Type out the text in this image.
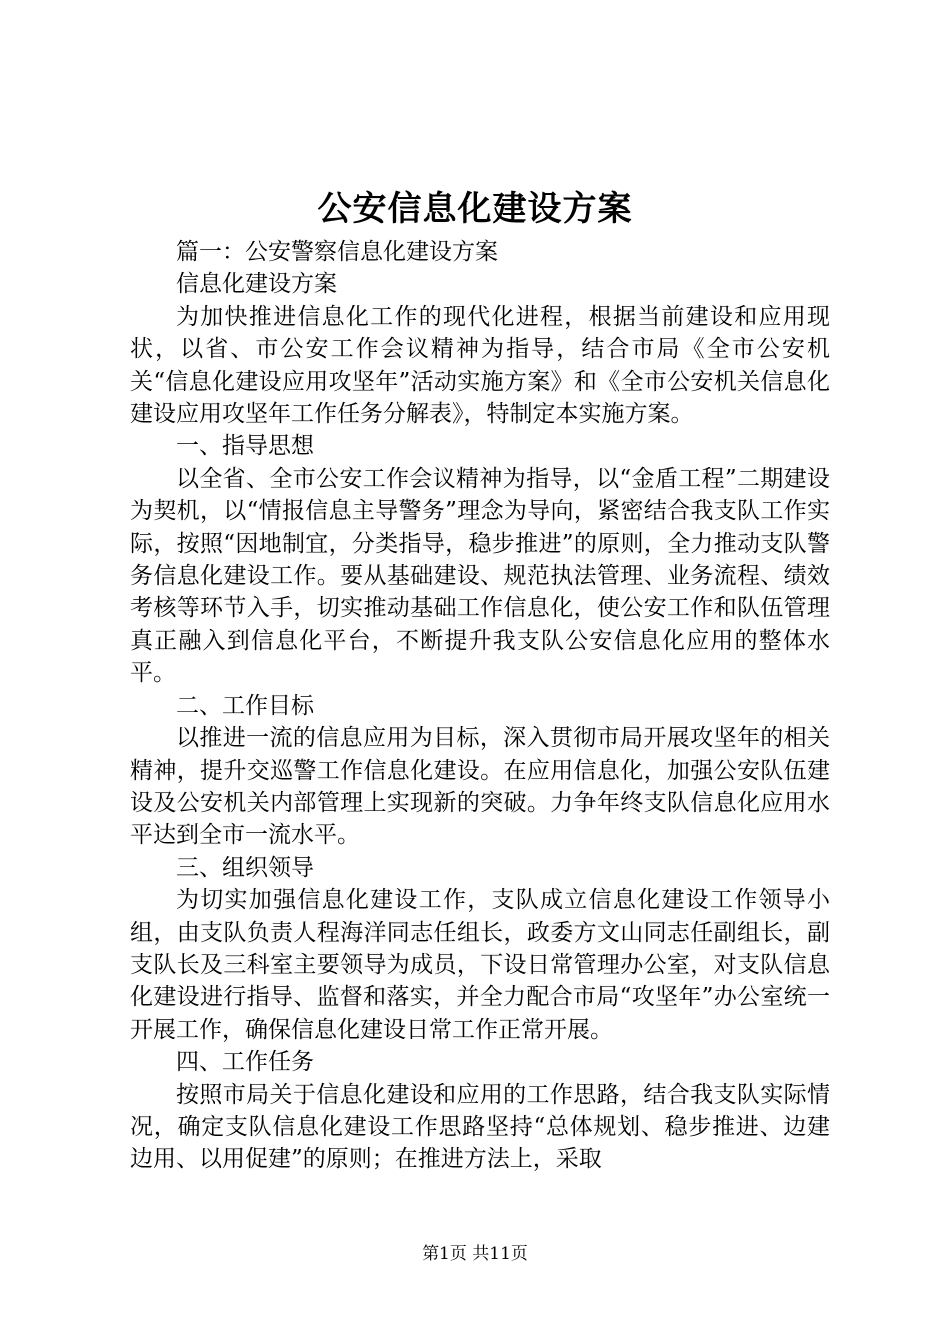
公安信息化建设方案

篇一：公安警察信息化建设方案

信息化建设方案

为加快推进信息化工作的现代化进程，根据当前建设和应用现状，以省、市公安工作会议精神为指导，结合市局《全市公安机关“信息化建设应用攻坚年”活动实施方案》和《全市公安机关信息化建设应用攻坚年工作任务分解表》，特制定本实施方案。

一、指导思想

以全省、全市公安工作会议精神为指导，以“金盾工程”二期建设为契机，以“情报信息主导警务”理念为导向，紧密结合我支队工作实际，按照“因地制宜，分类指导，稳步推进”的原则，全力推动支队警务信息化建设工作。要从基础建设、规范执法管理、业务流程、绩效考核等环节入手，切实推动基础工作信息化，使公安工作和队伍管理真正融入到信息化平台，不断提升我支队公安信息化应用的整体水平。

二、工作目标

以推进一流的信息应用为目标，深入贯彻市局开展攻坚年的相关精神，提升交巡警工作信息化建设。在应用信息化，加强公安队伍建设及公安机关内部管理上实现新的突破。力争年终支队信息化应用水平达到全市一流水平。

三、组织领导

为切实加强信息化建设工作，支队成立信息化建设工作领导小组，由支队负责人程海洋同志任组长，政委方文山同志任副组长，副支队长及三科室主要领导为成员，下设日常管理办公室，对支队信息化建设进行指导、监督和落实，并全力配合市局“攻坚年”办公室统一开展工作，确保信息化建设日常工作正常开展。

四、工作任务

按照市局关于信息化建设和应用的工作思路，结合我支队实际情况，确定支队信息化建设工作思路坚持“总体规划、稳步推进、边建边用、以用促建”的原则；在推进方法上，采取

第1页 共11页
